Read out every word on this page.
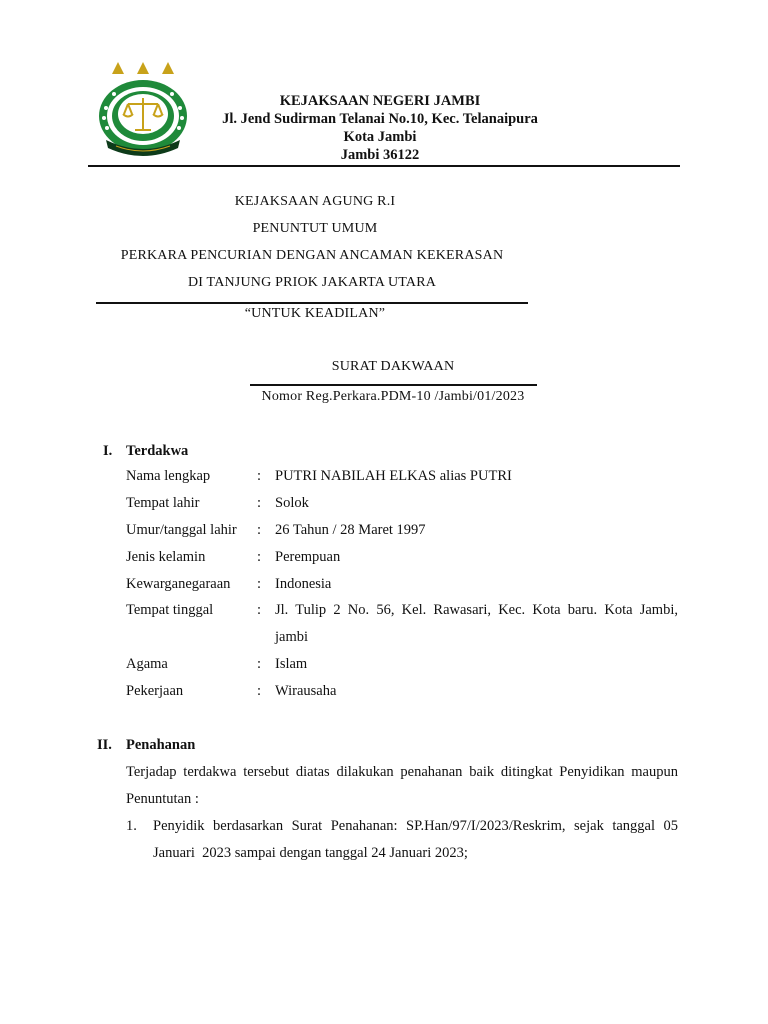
KEJAKSAAN NEGERI JAMBI
Jl. Jend Sudirman Telanai No.10, Kec. Telanaipura
Kota Jambi
Jambi 36122
KEJAKSAAN AGUNG R.I
PENUNTUT UMUM
PERKARA PENCURIAN DENGAN ANCAMAN KEKERASAN
DI TANJUNG PRIOK JAKARTA UTARA
“UNTUK KEADILAN”
SURAT DAKWAAN
Nomor Reg.Perkara.PDM-10 /Jambi/01/2023
I. Terdakwa
Nama lengkap	: PUTRI NABILAH ELKAS alias PUTRI
Tempat lahir	: Solok
Umur/tanggal lahir : 26 Tahun / 28 Maret 1997
Jenis kelamin	: Perempuan
Kewarganegaraan : Indonesia
Tempat tinggal	: Jl. Tulip 2 No. 56, Kel. Rawasari, Kec. Kota baru. Kota Jambi,
jambi
Agama	: Islam
Pekerjaan	: Wirausaha
II. Penahanan
Terjadap terdakwa tersebut diatas dilakukan penahanan baik ditingkat Penyidikan maupun Penuntutan :
1. Penyidik berdasarkan Surat Penahanan: SP.Han/97/I/2023/Reskrim, sejak tanggal 05 Januari  2023 sampai dengan tanggal 24 Januari 2023;
